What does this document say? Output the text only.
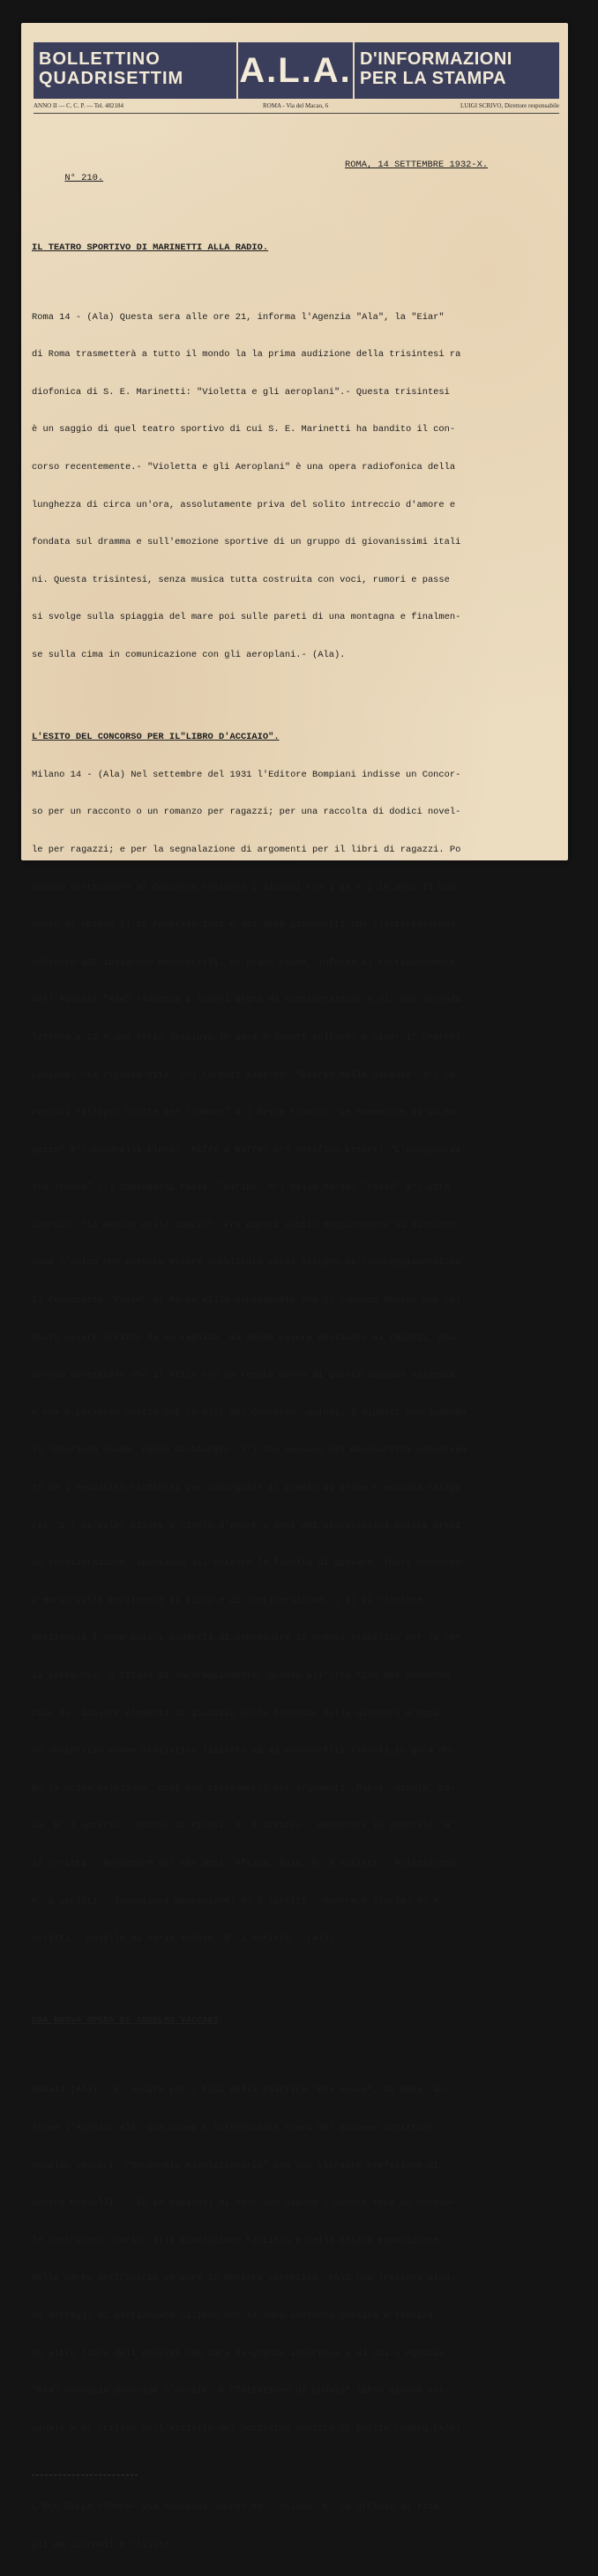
BOLLETTINO
QUADRISETTIM	A.L.A. D'INFORMAZIONI
PER LA STAMPA
ANNO II — C. C. P. — Tel. 482184	ROMA - Via del Macao, 6	LUIGI SCRIVO, Direttore responsabile

N° 210.

ROMA, 14 SETTEMBRE 1932-X.

IL TEATRO SPORTIVO DI MARINETTI ALLA RADIO.

Roma 14 - (Ala) Questa sera alle ore 21, informa l'Agenzia "Ala", la "Eiar"

di Roma trasmetterà a tutto il mondo la la prima audizione della trisintesi ra

diofonica di S. E. Marinetti: "Violetta e gli aeroplani".- Questa trisintesi

è un saggio di quel teatro sportivo di cui S. E. Marinetti ha bandito il con-

corso recentemente.- "Violetta e gli Aeroplani" è una opera radiofonica della

lunghezza di circa un'ora, assolutamente priva del solito intreccio d'amore e

fondata sul dramma e sull'emozione sportive di un gruppo di giovanissimi itali

ni. Questa trisintesi, senza musica tutta costruita con voci, rumori e passe

si svolge sulla spiaggia del mare poi sulle pareti di una montagna e finalmen-

se sulla cima in comunicazione con gli aeroplani.- (Ala).

L'ESITO DEL CONCORSO PER IL"LIBRO D'ACCIAIO".

Milano 14 - (Ala) Nel settembre del 1931 l'Editore Bompiani indisse un Concor-

so per un racconto o un romanzo per ragazzi; per una raccolta di dodici novel-

le per ragazzi; e per la segnalazione di argomenti per il libri di ragazzi. Po

tevano partecipare al Concorso soltanto i giovani tra i 10 e i 16 anni.Il Con

corso si chiuse il 28 Febbraio 1932 e dei 3658 giovanetti che s'interessarono,

soltanto 182 inviarono manoscritti. Un primo esame, informa il corrispondente

dell'Agenzia "Ala" riduceva i lavori degni di considerazione a 41: una seconda

lettura a 12 e una terza lasciava in gara 9 lavori soltanto e cioè: 1° Cherchi

Luciano: "La Piccola Vita" 2°) Lorenzi Alberto: "Diario delle vacanze" 3°) Lo-

renzoni Filippo: "Lotte per l'Amore" 4°) Pesce Franco: "Le Avventure di un Ra-

gazzo" 5°) Roverelli Elena: "Riffe e Raffe" 6°) Serafino Ettore: "L'Avanguardi

sta Tebano" 7°) Simingardi Paola: "Biribì" 8°) Villa Mario: "Paese" 9°) Zito

Giorgio: "La Regina dello Spazio". Fra questi subito maggiormente si distinse,

come l'unico che potesse essere pubblicato senza bisogno di rimaneggiamenti,ma

il romanzetto "Paese" di Mario Villa considerato che il romanzo doveva non sol

tanto essere scritto da un ragazzo, ma anche essere destinato ai ragazzi, han

dovuto constatare che il Villa non ha tenuto conto di questa seconda esigenza

e che è pertanto uscito dai termini del Concorso, quindi, i Giudici concludendo

il laborioso esame, hanno dichiarato: 1°) Che nessuno dei manoscritti concorren

ti ha i requisiti richiesti per conseguire il premio di prima e seconda catego

ria. 2°) Di voler citare a titolo d'onore i nomi dei giovanissimi Autori presi

in considerazione, lasciando all'editore la facoltà di giovare, fuori concorso-

a Mario Villa meritevole di aiuto e di considerazione. ; 3) Di rinstere

meritevoli i nove Autori suddetti di conseguire il premio stabilito per la ter

za categoria, a titolo di incoraggiamento. Quanto all'ltro fine del Concorso

cioè di ricavare elementi di giudizio sulle tendenze della gioventù d'oggi

un obbiettivo esame statistico limitato ai 41 manoscritti rimasti in gara do-

po la prima selezione, così può riassumerli per argomenti: Paese, scuola, ca-

sa: N° 7 scritti - Storie di Pirati: N° 4 scritti - Avventure in generale: N°

11 scritti - Avventure nel Far West. Africa, Asia: N° 9 scritti - Poliziescho

N° 2 scritti - Invenzioni meccaniche: N° 3 scritti - Guerra e Storia: N° 4

scritti - Novelle di varia indole: N° 1 scritto.  (Ala)

UNA NUOVA OPERA DI ANSELMO VACCARI

Roma14 (Ala) - E' uscita per i tipi della Editrice "Ars nuova", di Roma, in-

forma l'Agenzia Ala, una nuova e interessante opera del.giovane scrittore

Anselmo Vaccari: "Decennale Rivoluzionario" con una vibrante prefazione di

Severo Gravelli. - In 10 capitoli di sole 160 pagine l'autore reca un notevo-

le contributo storico alla Rivoluzione Fascista e nella chiara esposizione

della parte dottrinaria se pure in maniera sintetica, egli non trascura alcu-

ni dettagli di particolare rilievo per la loro sostanza pratica e teorica.

Un altro libro dell'Anselmi che sarà di grande interesse e di cui l'Agenzia

"Ala" annunzia prossima l'uscita, è "Imitazione di Ludwig" libro vivace ori-

ginale e di critica sull'attività del notissimo scritto di Emilio Ludwig.(Ala)

L'ECO DELLA STAMPA- Via Giovanni Jaurès 60 - Milano. E' un ufficio di rita-

gli da giornali e riviste.
